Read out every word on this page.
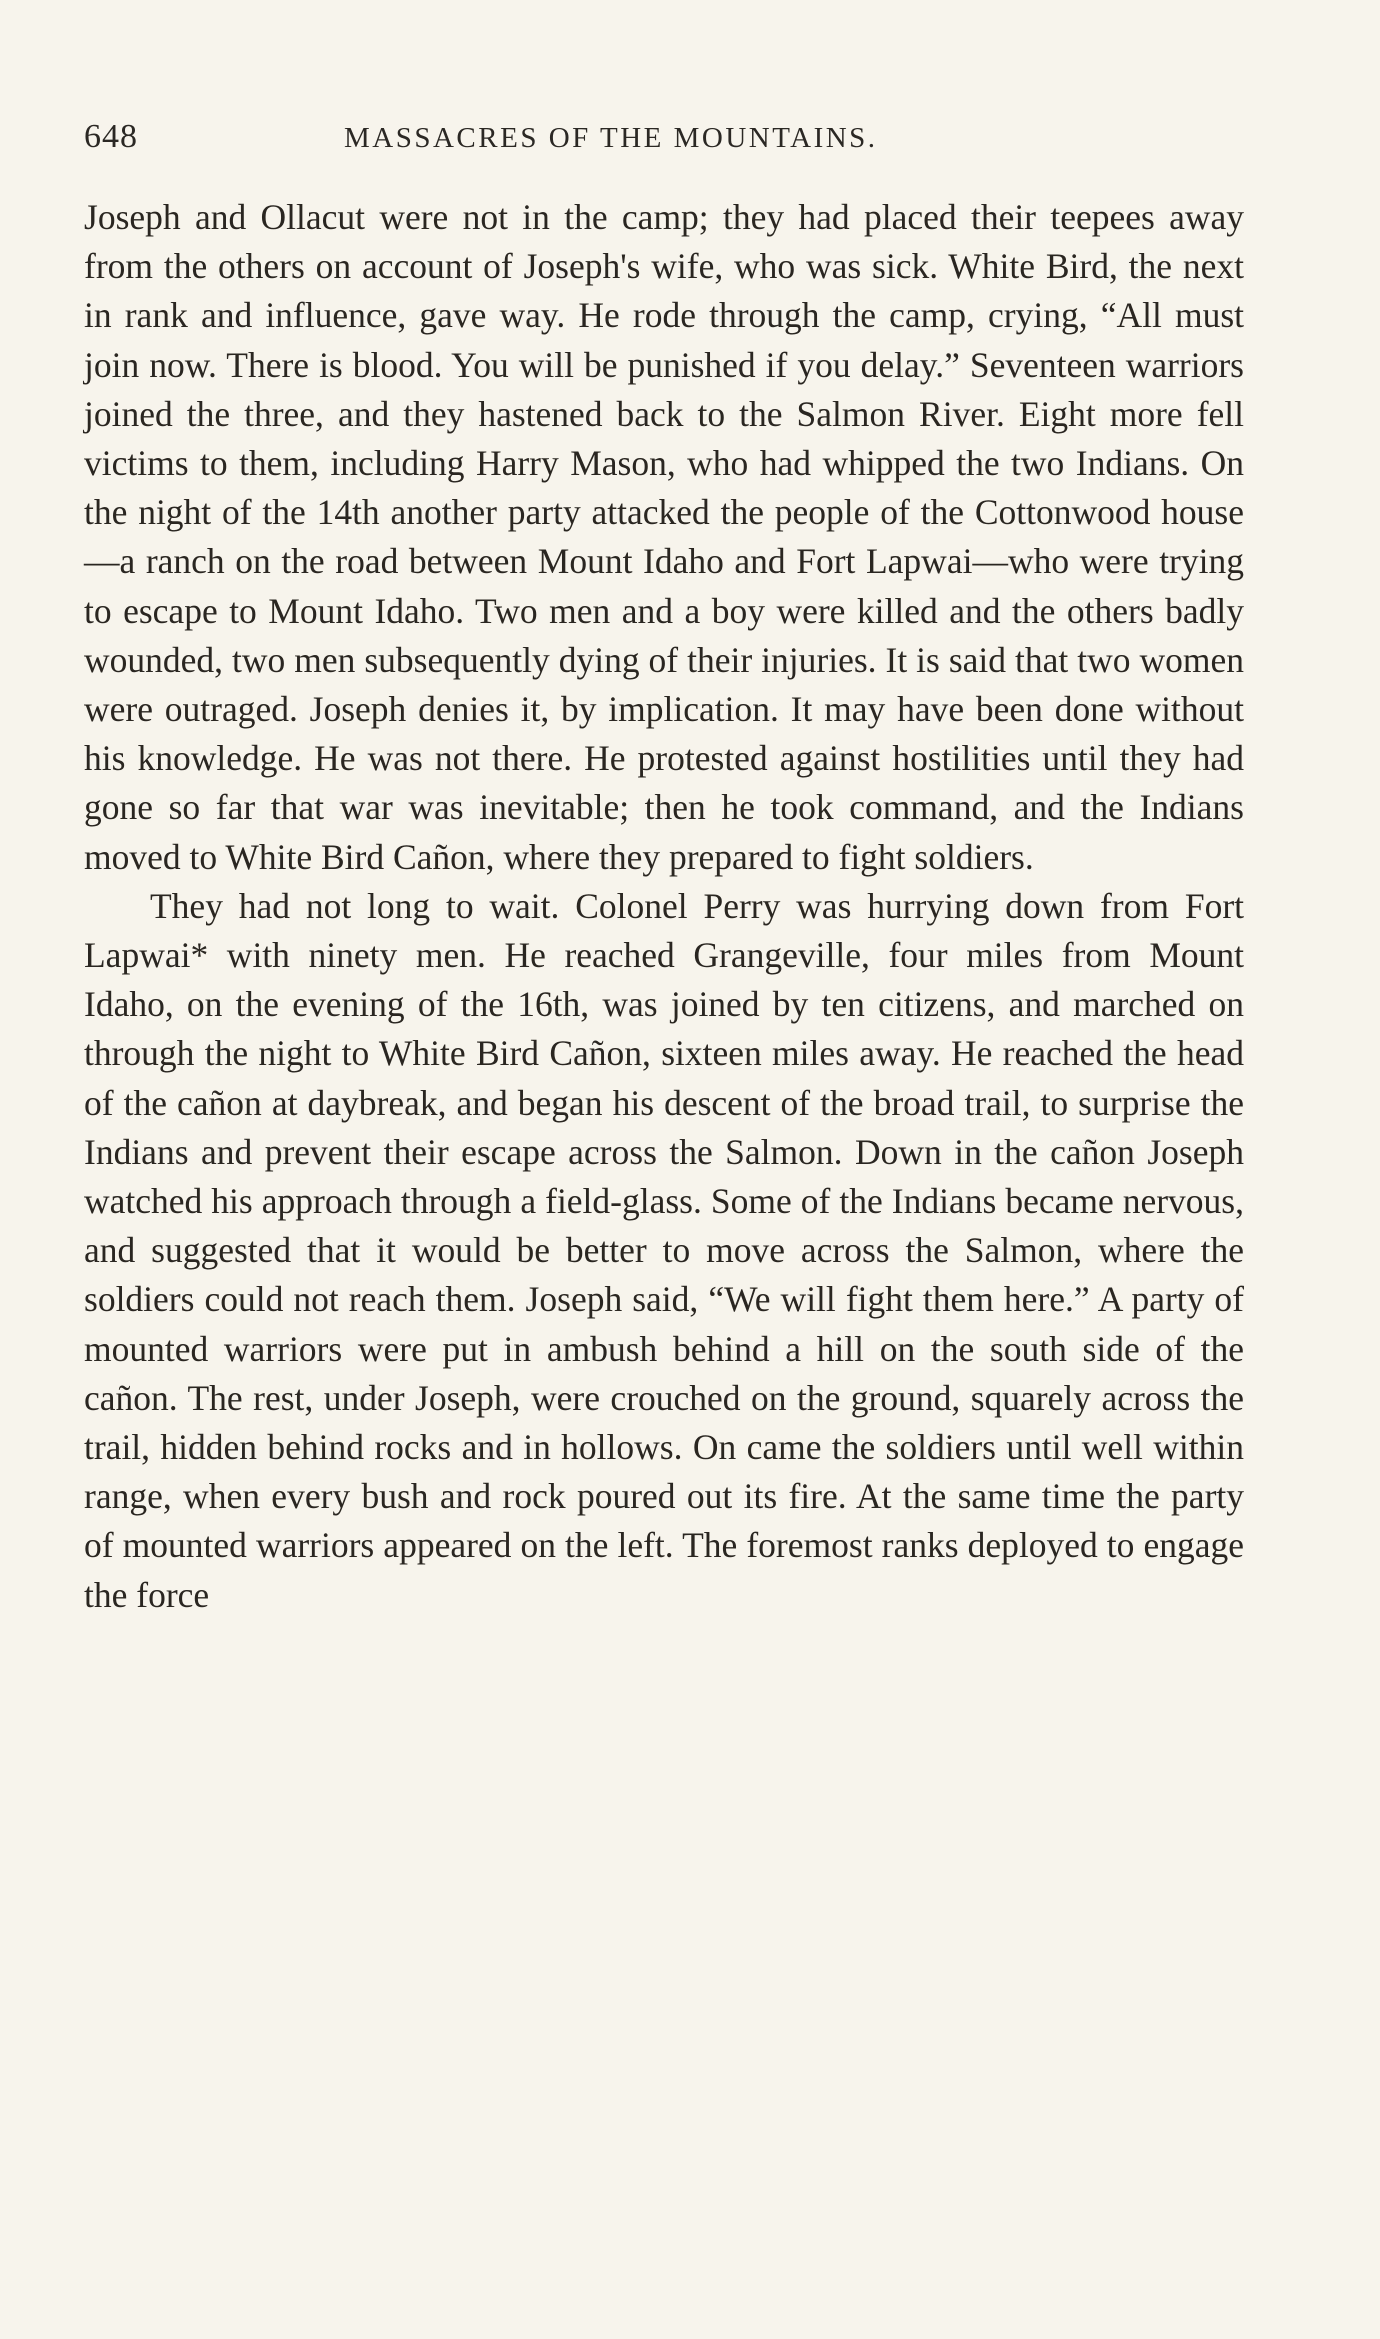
648	MASSACRES OF THE MOUNTAINS.

Joseph and Ollacut were not in the camp; they had placed their teepees away from the others on account of Joseph's wife, who was sick. White Bird, the next in rank and influence, gave way. He rode through the camp, crying, “All must join now. There is blood. You will be punished if you delay.” Seventeen warriors joined the three, and they hastened back to the Salmon River. Eight more fell victims to them, including Harry Mason, who had whipped the two Indians. On the night of the 14th another party attacked the people of the Cottonwood house—a ranch on the road between Mount Idaho and Fort Lapwai—who were trying to escape to Mount Idaho. Two men and a boy were killed and the others badly wounded, two men subsequently dying of their injuries. It is said that two women were outraged. Joseph denies it, by implication. It may have been done without his knowledge. He was not there. He protested against hostilities until they had gone so far that war was inevitable; then he took command, and the Indians moved to White Bird Cañon, where they prepared to fight soldiers.

They had not long to wait. Colonel Perry was hurrying down from Fort Lapwai* with ninety men. He reached Grangeville, four miles from Mount Idaho, on the evening of the 16th, was joined by ten citizens, and marched on through the night to White Bird Cañon, sixteen miles away. He reached the head of the cañon at daybreak, and began his descent of the broad trail, to surprise the Indians and prevent their escape across the Salmon. Down in the cañon Joseph watched his approach through a field-glass. Some of the Indians became nervous, and suggested that it would be better to move across the Salmon, where the soldiers could not reach them. Joseph said, “We will fight them here.” A party of mounted warriors were put in ambush behind a hill on the south side of the cañon. The rest, under Joseph, were crouched on the ground, squarely across the trail, hidden behind rocks and in hollows. On came the soldiers until well within range, when every bush and rock poured out its fire. At the same time the party of mounted warriors appeared on the left. The foremost ranks deployed to engage the force
